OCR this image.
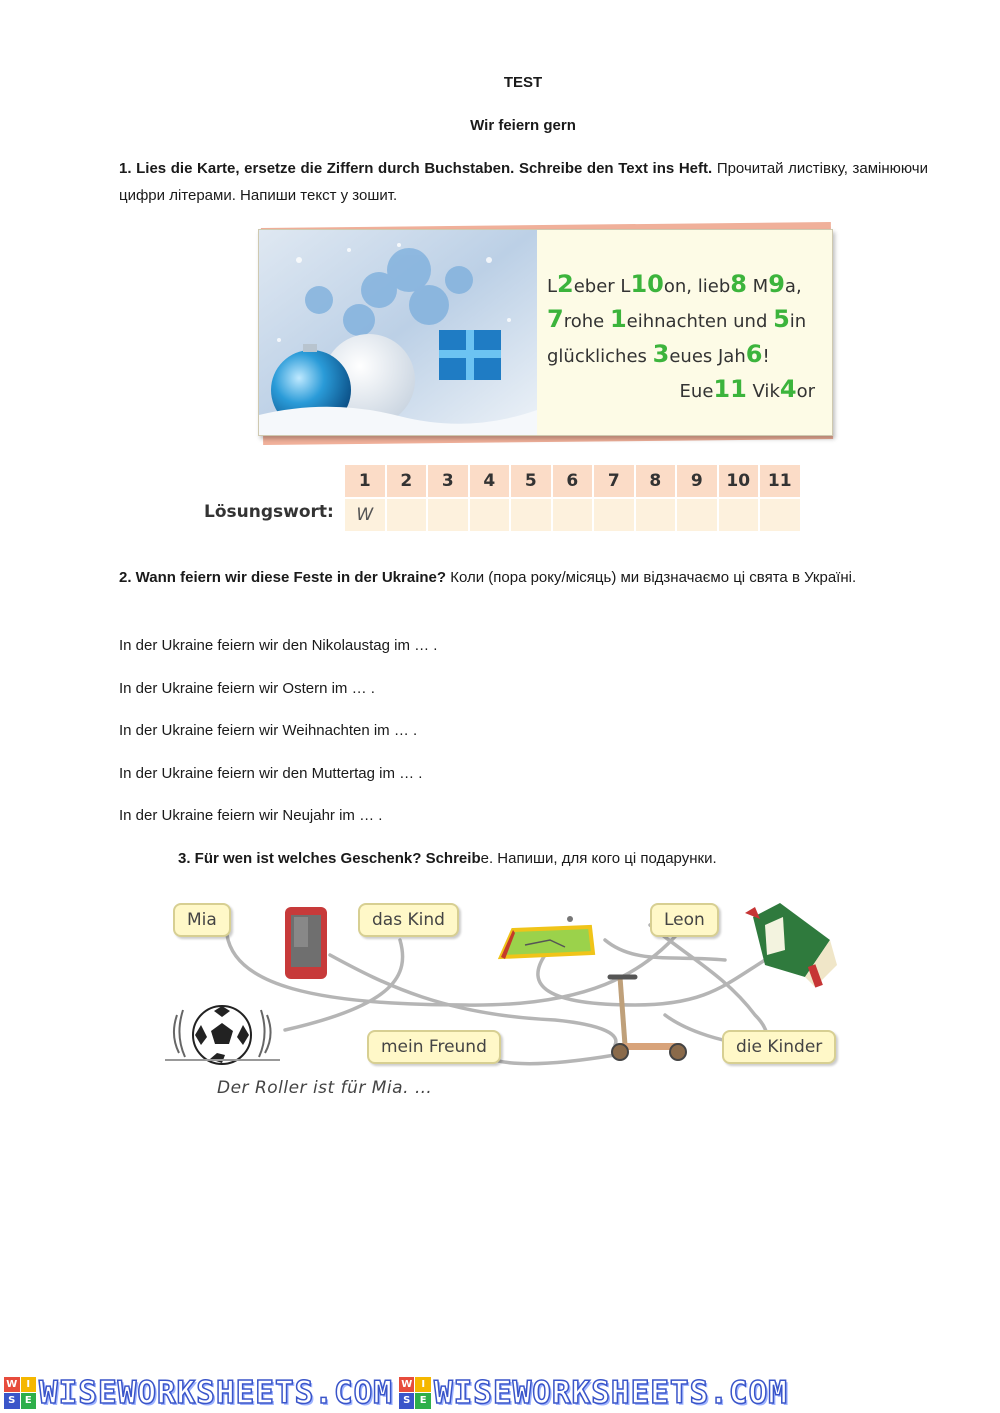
TEST
Wir feiern gern
1. Lies die Karte, ersetze die Ziffern durch Buchstaben. Schreibe den Text ins Heft. Прочитай листівку, замінюючи цифри літерами. Напиши текст у зошит.
L2eber L10on, lieb8 M9a,
7rohe 1eihnachten und 5in
glückliches 3eues Jah6!
Eue11 Vik4or
Lösungswort:
1	2	3	4	5	6	7	8	9	10	11
W										
2. Wann feiern wir diese Feste in der Ukraine? Коли (пора року/місяць) ми відзначаємо ці свята в Україні.
In der Ukraine feiern wir den Nikolaustag im … .
In der Ukraine feiern wir Ostern im … .
In der Ukraine feiern wir Weihnachten im … .
In der Ukraine feiern wir den Muttertag im … .
In der Ukraine feiern wir Neujahr im … .
3. Für wen ist welches Geschenk? Schreibe. Напиши, для кого ці подарунки.
Mia	das Kind	Leon
mein Freund	die Kinder
Der Roller ist für Mia. …
W I
S E WISEWORKSHEETS.COM W I
S E WISEWORKSHEETS.COM
